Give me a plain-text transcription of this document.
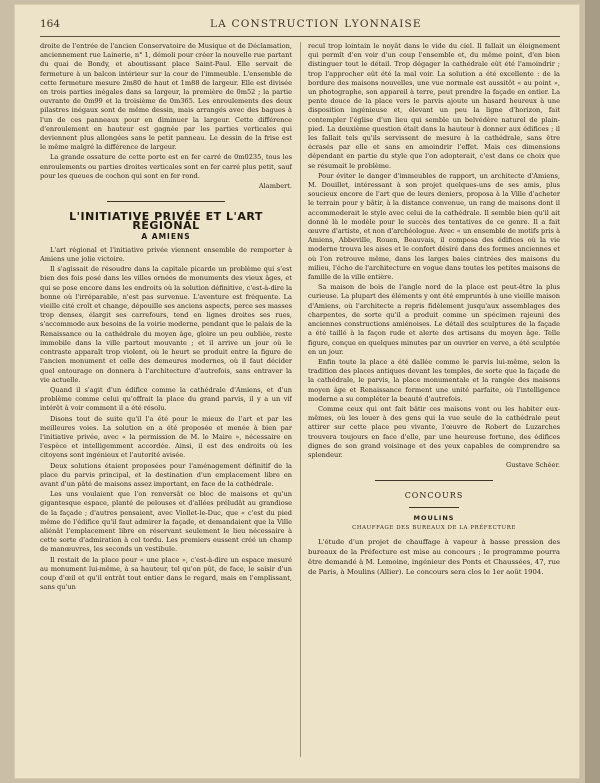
164	LA CONSTRUCTION LYONNAISE

droite de l'entrée de l'ancien Conservatoire de Musique et de Déclamation, anciennement rue Lainerie, n° 1, démoli pour créer la nouvelle rue partant du quai de Bondy, et aboutissant place Saint-Paul. Elle servait de fermeture à un balcon intérieur sur la cour de l'immeuble. L'ensemble de cette fermeture mesure 2m80 de haut et 1m88 de largeur. Elle est divisée en trois parties inégales dans sa largeur, la première de 0m52 ; la partie ouvrante de 0m99 et la troisième de 0m365. Les enroulements des deux pilastres inégaux sont de même dessin, mais arrangés avec des bagues à l'un de ces panneaux pour en diminuer la largeur. Cette différence d'enroulement en hauteur est gagnée par les parties verticales qui deviennent plus allongées sans le petit panneau. Le dessin de la frise est le même malgré la différence de largeur.

La grande ossature de cette porte est en fer carré de 0m0235, tous les enroulements ou parties droites verticales sont en fer carré plus petit, sauf pour les queues de cochon qui sont en fer rond.

Alambert.

L'INITIATIVE PRIVÉE ET L'ART RÉGIONAL
A AMIENS

L'art régional et l'initiative privée viennent ensemble de remporter à Amiens une jolie victoire.

Il s'agissait de résoudre dans la capitale picarde un problème qui s'est bien des fois posé dans les villes ornées de monuments des vieux âges, et qui se pose encore dans les endroits où la solution définitive, c'est-à-dire la bonne où l'irréparable, n'est pas survenue. L'aventure est fréquente. La vieille cité croît et change, dépouille ses anciens aspects, perce ses masses trop denses, élargit ses carrefours, tend en lignes droites ses rues, s'accommode aux besoins de la voirie moderne, pendant que le palais de la Renaissance ou la cathédrale du moyen âge, gloire un peu oubliée, reste immobile dans la ville partout mouvante ; et il arrive un jour où le contraste apparaît trop violent, où le heurt se produit entre la figure de l'ancien monument et celle des demeures modernes, où il faut décider quel entourage on donnera à l'architecture d'autrefois, sans entraver la vie actuelle.

Quand il s'agit d'un édifice comme la cathédrale d'Amiens, et d'un problème comme celui qu'offrait la place du grand parvis, il y a un vif intérêt à voir comment il a été résolu.

Disons tout de suite qu'il l'a été pour le mieux de l'art et par les meilleures voies. La solution en a été proposée et menée à bien par l'initiative privée, avec « la permission de M. le Maire », nécessaire en l'espèce et intelligemment accordée. Ainsi, il est des endroits où les citoyens sont ingénieux et l'autorité avisée.

Deux solutions étaient proposées pour l'aménagement définitif de la place du parvis principal, et la destination d'un emplacement libre en avant d'un pâté de maisons assez important, en face de la cathédrale.

Les uns voulaient que l'on renversât ce bloc de maisons et qu'un gigantesque espace, planté de pelouses et d'allées préludât au grandiose de la façade ; d'autres pensaient, avec Viollet-le-Duc, que « c'est du pied même de l'édifice qu'il faut admirer la façade, et demandaient que la Ville aliénât l'emplacement libre en réservant seulement le lieu nécessaire à cette sorte d'admiration à col tordu. Les premiers eussent créé un champ de manœuvres, les seconds un vestibule.

Il restait de la place pour « une place », c'est-à-dire un espace mesuré au monument lui-même, à sa hauteur, tel qu'on pût, de face, le saisir d'un coup d'œil et qu'il entrât tout entier dans le regard, mais en l'emplissant, sans qu'un

recul trop lointain le noyât dans le vide du ciel. Il fallait un éloignement qui permît d'en voir d'un coup l'ensemble et, du même point, d'en bien distinguer tout le détail. Trop dégager la cathédrale eût été l'amoindrir ; trop l'approcher eût été la mal voir. La solution a été excellente : de la bordure des maisons nouvelles, une vue normale est aussitôt « au point », un photographe, son appareil à terre, peut prendre la façade en entier. La pente douce de la place vers le parvis ajoute un hasard heureux à une disposition ingénieuse et, élevant un peu la ligne d'horizon, fait contempler l'église d'un lieu qui semble un belvédère naturel de plain-pied. La deuxième question était dans la hauteur à donner aux édifices ; il les fallait tels qu'ils servissent de mesure à la cathédrale, sans être écrasés par elle et sans en amoindrir l'effet. Mais ces dimensions dépendant en partie du style que l'on adopterait, c'est dans ce choix que se résumait le problème.

Pour éviter le danger d'immeubles de rapport, un architecte d'Amiens, M. Douillet, intéressant à son projet quelques-uns de ses amis, plus soucieux encore de l'art que de leurs deniers, proposa à la Ville d'acheter le terrain pour y bâtir, à la distance convenue, un rang de maisons dont il accommoderait le style avec celui de la cathédrale. Il semble bien qu'il ait donné là le modèle pour le succès des tentatives de ce genre. Il a fait œuvre d'artiste, et non d'archéologue. Avec « un ensemble de motifs pris à Amiens, Abbeville, Rouen, Beauvais, il composa des édifices où la vie moderne trouva les aises et le confort désiré dans des formes anciennes et où l'on retrouve même, dans les larges baies cintrées des maisons du milieu, l'écho de l'architecture en vogue dans toutes les petites maisons de famille de la ville entière.

Sa maison de bois de l'angle nord de la place est peut-être la plus curieuse. La plupart des éléments y ont été empruntés à une vieille maison d'Amiens, où l'architecte a repris fidèlement jusqu'aux assemblages des charpentes, de sorte qu'il a produit comme un spécimen rajeuni des anciennes constructions amiénoises. Le détail des sculptures de la façade a été taillé à la façon rude et alerte des artisans du moyen âge. Telle figure, conçue en quelques minutes par un ouvrier en verve, a été sculptée en un jour.

Enfin toute la place a été dallée comme le parvis lui-même, selon la tradition des places antiques devant les temples, de sorte que la façade de la cathédrale, le parvis, la place monumentale et la rangée des maisons moyen âge et Renaissance forment une unité parfaite, où l'intelligence moderne a su compléter la beauté d'autrefois.

Comme ceux qui ont fait bâtir ces maisons vont ou les habiter eux-mêmes, où les louer à des gens qui la vue seule de la cathédrale peut attirer sur cette place peu vivante, l'œuvre de Robert de Luzarches trouvera toujours en face d'elle, par une heureuse fortune, des édifices dignes de son grand voisinage et des yeux capables de comprendre sa splendeur.

Gustave Schéer.

CONCOURS
MOULINS
CHAUFFAGE DES BUREAUX DE LA PRÉFECTURE

L'étude d'un projet de chauffage à vapeur à basse pression des bureaux de la Préfecture est mise au concours ; le programme pourra être demandé à M. Lemoine, ingénieur des Ponts et Chaussées, 47, rue de Paris, à Moulins (Allier). Le concours sera clos le 1er août 1904.
